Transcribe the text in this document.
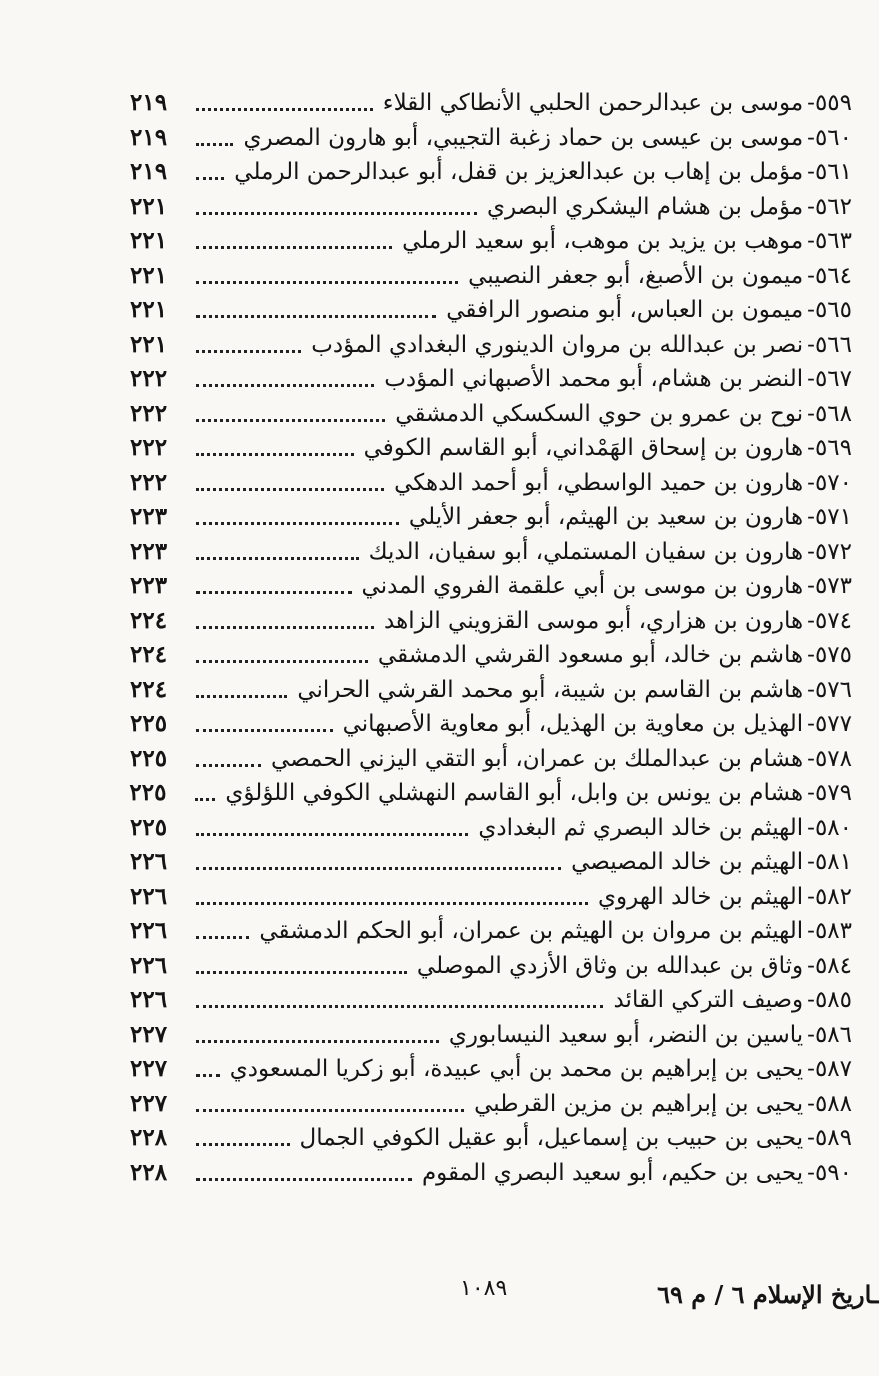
٥٥٩-
موسى بن عبدالرحمن الحلبي الأنطاكي القلاء
٢١٩
٥٦٠-
موسى بن عيسى بن حماد زغبة التجيبي، أبو هارون المصري
٢١٩
٥٦١-
مؤمل بن إهاب بن عبدالعزيز بن قفل، أبو عبدالرحمن الرملي
٢١٩
٥٦٢-
مؤمل بن هشام اليشكري البصري
٢٢١
٥٦٣-
موهب بن يزيد بن موهب، أبو سعيد الرملي
٢٢١
٥٦٤-
ميمون بن الأصبغ، أبو جعفر النصيبي
٢٢١
٥٦٥-
ميمون بن العباس، أبو منصور الرافقي
٢٢١
٥٦٦-
نصر بن عبدالله بن مروان الدينوري البغدادي المؤدب
٢٢١
٥٦٧-
النضر بن هشام، أبو محمد الأصبهاني المؤدب
٢٢٢
٥٦٨-
نوح بن عمرو بن حوي السكسكي الدمشقي
٢٢٢
٥٦٩-
هارون بن إسحاق الهَمْداني، أبو القاسم الكوفي
٢٢٢
٥٧٠-
هارون بن حميد الواسطي، أبو أحمد الدهكي
٢٢٢
٥٧١-
هارون بن سعيد بن الهيثم، أبو جعفر الأيلي
٢٢٣
٥٧٢-
هارون بن سفيان المستملي، أبو سفيان، الديك
٢٢٣
٥٧٣-
هارون بن موسى بن أبي علقمة الفروي المدني
٢٢٣
٥٧٤-
هارون بن هزاري، أبو موسى القزويني الزاهد
٢٢٤
٥٧٥-
هاشم بن خالد، أبو مسعود القرشي الدمشقي
٢٢٤
٥٧٦-
هاشم بن القاسم بن شيبة، أبو محمد القرشي الحراني
٢٢٤
٥٧٧-
الهذيل بن معاوية بن الهذيل، أبو معاوية الأصبهاني
٢٢٥
٥٧٨-
هشام بن عبدالملك بن عمران، أبو التقي اليزني الحمصي
٢٢٥
٥٧٩-
هشام بن يونس بن وابل، أبو القاسم النهشلي الكوفي اللؤلؤي
٢٢٥
٥٨٠-
الهيثم بن خالد البصري ثم البغدادي
٢٢٥
٥٨١-
الهيثم بن خالد المصيصي
٢٢٦
٥٨٢-
الهيثم بن خالد الهروي
٢٢٦
٥٨٣-
الهيثم بن مروان بن الهيثم بن عمران، أبو الحكم الدمشقي
٢٢٦
٥٨٤-
وثاق بن عبدالله بن وثاق الأزدي الموصلي
٢٢٦
٥٨٥-
وصيف التركي القائد
٢٢٦
٥٨٦-
ياسين بن النضر، أبو سعيد النيسابوري
٢٢٧
٥٨٧-
يحيى بن إبراهيم بن محمد بن أبي عبيدة، أبو زكريا المسعودي
٢٢٧
٥٨٨-
يحيى بن إبراهيم بن مزين القرطبي
٢٢٧
٥٨٩-
يحيى بن حبيب بن إسماعيل، أبو عقيل الكوفي الجمال
٢٢٨
٥٩٠-
يحيى بن حكيم، أبو سعيد البصري المقوم
٢٢٨
ـاريخ الإسلام ٦ / م ٦٩
١٠٨٩
